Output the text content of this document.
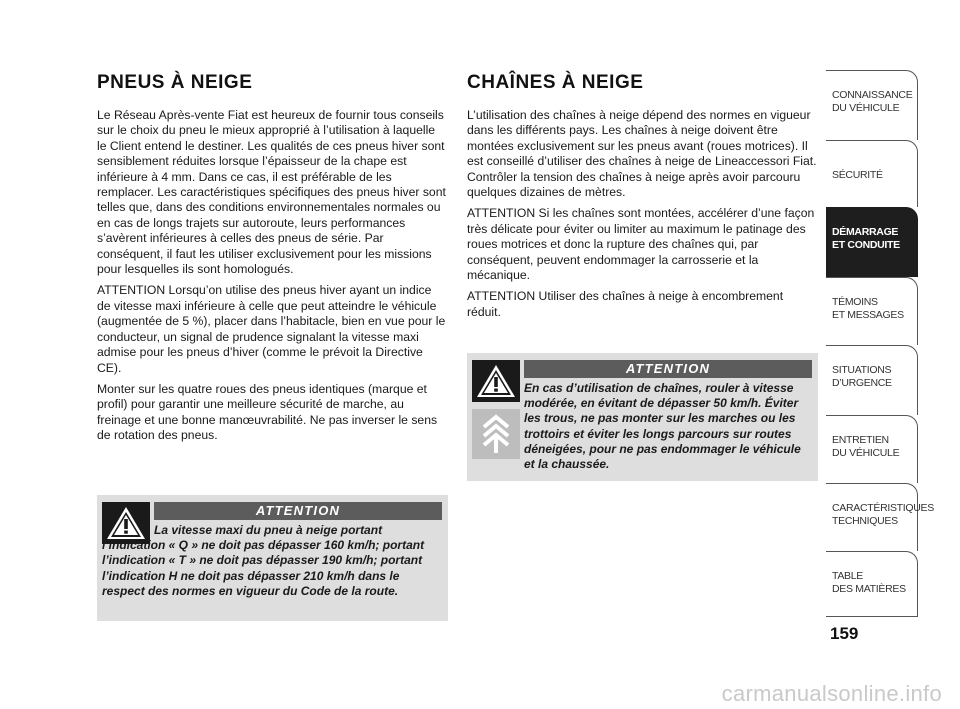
PNEUS À NEIGE

Le Réseau Après-vente Fiat est heureux de fournir tous conseils sur le choix du pneu le mieux approprié à l’utilisation à laquelle le Client entend le destiner. Les qualités de ces pneus hiver sont sensiblement réduites lorsque l’épaisseur de la chape est inférieure à 4 mm. Dans ce cas, il est préférable de les remplacer. Les caractéristiques spécifiques des pneus hiver sont telles que, dans des conditions environnementales normales ou en cas de longs trajets sur autoroute, leurs performances s’avèrent inférieures à celles des pneus de série. Par conséquent, il faut les utiliser exclusivement pour les missions pour lesquelles ils sont homologués.

ATTENTION Lorsqu’on utilise des pneus hiver ayant un indice de vitesse maxi inférieure à celle que peut atteindre le véhicule (augmentée de 5 %), placer dans l’habitacle, bien en vue pour le conducteur, un signal de prudence signalant la vitesse maxi admise pour les pneus d’hiver (comme le prévoit la Directive CE).

Monter sur les quatre roues des pneus identiques (marque et profil) pour garantir une meilleure sécurité de marche, au freinage et une bonne manœuvrabilité. Ne pas inverser le sens de rotation des pneus.

ATTENTION
La vitesse maxi du pneu à neige portant l’indication « Q » ne doit pas dépasser 160 km/h; portant l’indication « T » ne doit pas dépasser 190 km/h; portant l’indication H ne doit pas dépasser 210 km/h dans le respect des normes en vigueur du Code de la route.
CHAÎNES À NEIGE

L’utilisation des chaînes à neige dépend des normes en vigueur dans les différents pays. Les chaînes à neige doivent être montées exclusivement sur les pneus avant (roues motrices). Il est conseillé d’utiliser des chaînes à neige de Lineaccessori Fiat. Contrôler la tension des chaînes à neige après avoir parcouru quelques dizaines de mètres.

ATTENTION Si les chaînes sont montées, accélérer d’une façon très délicate pour éviter ou limiter au maximum le patinage des roues motrices et donc la rupture des chaînes qui, par conséquent, peuvent endommager la carrosserie et la mécanique.

ATTENTION Utiliser des chaînes à neige à encombrement réduit.

ATTENTION
En cas d’utilisation de chaînes, rouler à vitesse modérée, en évitant de dépasser 50 km/h. Éviter les trous, ne pas monter sur les marches ou les trottoirs et éviter les longs parcours sur routes déneigées, pour ne pas endommager le véhicule et la chaussée.
CONNAISSANCE
DU VÉHICULE
SÉCURITÉ
DÉMARRAGE
ET CONDUITE
TÉMOINS
ET MESSAGES
SITUATIONS
D’URGENCE
ENTRETIEN
DU VÉHICULE
CARACTÉRISTIQUES
TECHNIQUES
TABLE
DES MATIÈRES
159
carmanualsonline.info
